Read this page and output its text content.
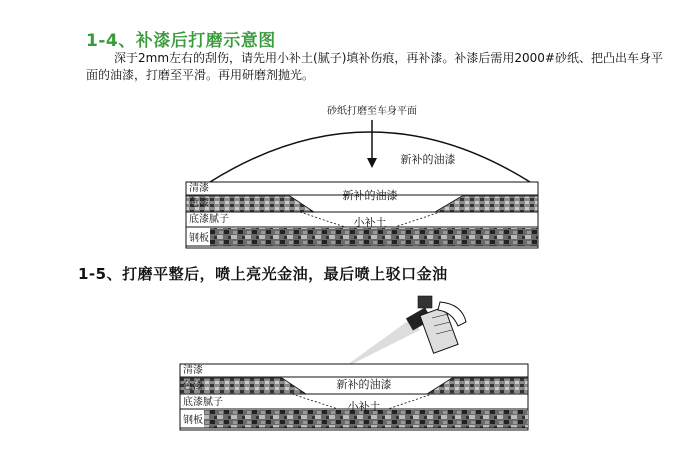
1-4、补漆后打磨示意图

深于2mm左右的刮伤，请先用小补土(腻子)填补伤痕，再补漆。补漆后需用2000#砂纸、把凸出车身平面的油漆，打磨至平滑。再用研磨剂抛光。

1-5、打磨平整后，喷上亮光金油，最后喷上驳口金油
砂纸打磨至车身平面
新补的油漆
清漆
色漆
底漆腻子
钢板
新补的油漆
小补土
清漆
色漆
底漆腻子
钢板
新补的油漆
小补土
